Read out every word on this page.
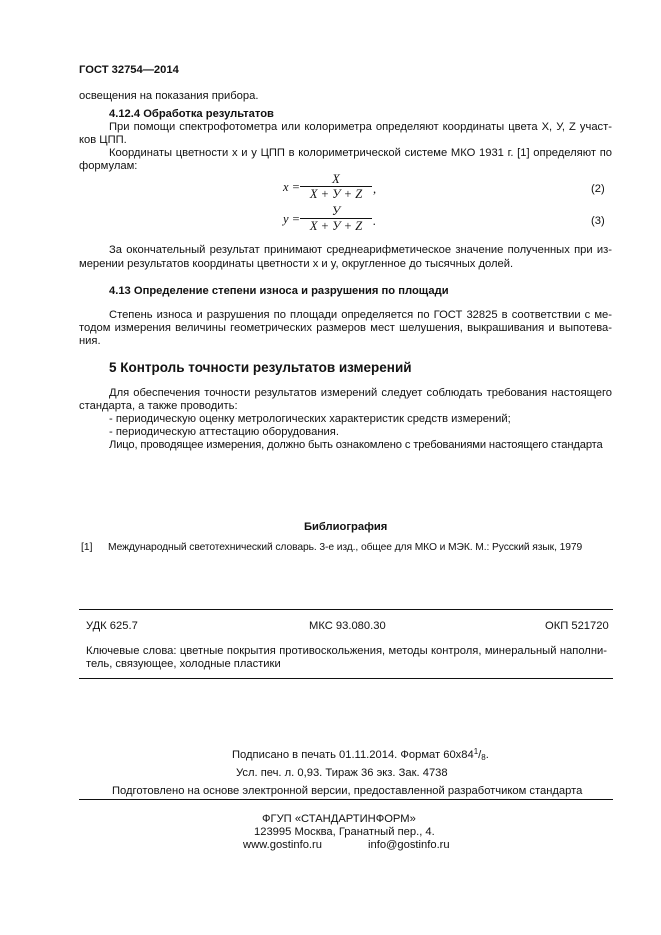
ГОСТ 32754—2014
освещения на показания прибора.
4.12.4 Обработка результатов
При помощи спектрофотометра или колориметра определяют координаты цвета X, У, Z участ-
ков ЦПП.
Координаты цветности x и y ЦПП в колориметрической системе МКО 1931 г. [1] определяют по
формулам:
x =
X
X + У + Z ,	(2)
y =
У
X + У + Z .	(3)
За окончательный результат принимают среднеарифметическое значение полученных при из-
мерении результатов координаты цветности x и y, округленное до тысячных долей.
4.13 Определение степени износа и разрушения по площади
Степень износа и разрушения по площади определяется по ГОСТ 32825 в соответствии с ме-
тодом измерения величины геометрических размеров мест шелушения, выкрашивания и выпотева-
ния.
5 Контроль точности результатов измерений
Для обеспечения точности результатов измерений следует соблюдать требования настоящего
стандарта, а также проводить:
- периодическую оценку метрологических характеристик средств измерений;
- периодическую аттестацию оборудования.
Лицо, проводящее измерения, должно быть ознакомлено с требованиями настоящего стандарта
Библиография
[1] Международный светотехнический словарь. 3-е изд., общее для МКО и МЭК. М.: Русский язык, 1979
УДК 625.7	МКС 93.080.30	ОКП 521720
Ключевые слова: цветные покрытия противоскольжения, методы контроля, минеральный наполни-
тель, связующее, холодные пластики
Подписано в печать 01.11.2014. Формат $60x84^1/_8$.
Усл. печ. л. 0,93. Тираж 36 экз. Зак. 4738
Подготовлено на основе электронной версии, предоставленной разработчиком стандарта
ФГУП «СТАНДАРТИНФОРМ»
123995 Москва, Гранатный пер., 4.
www.gostinfo.ru	info@gostinfo.ru
